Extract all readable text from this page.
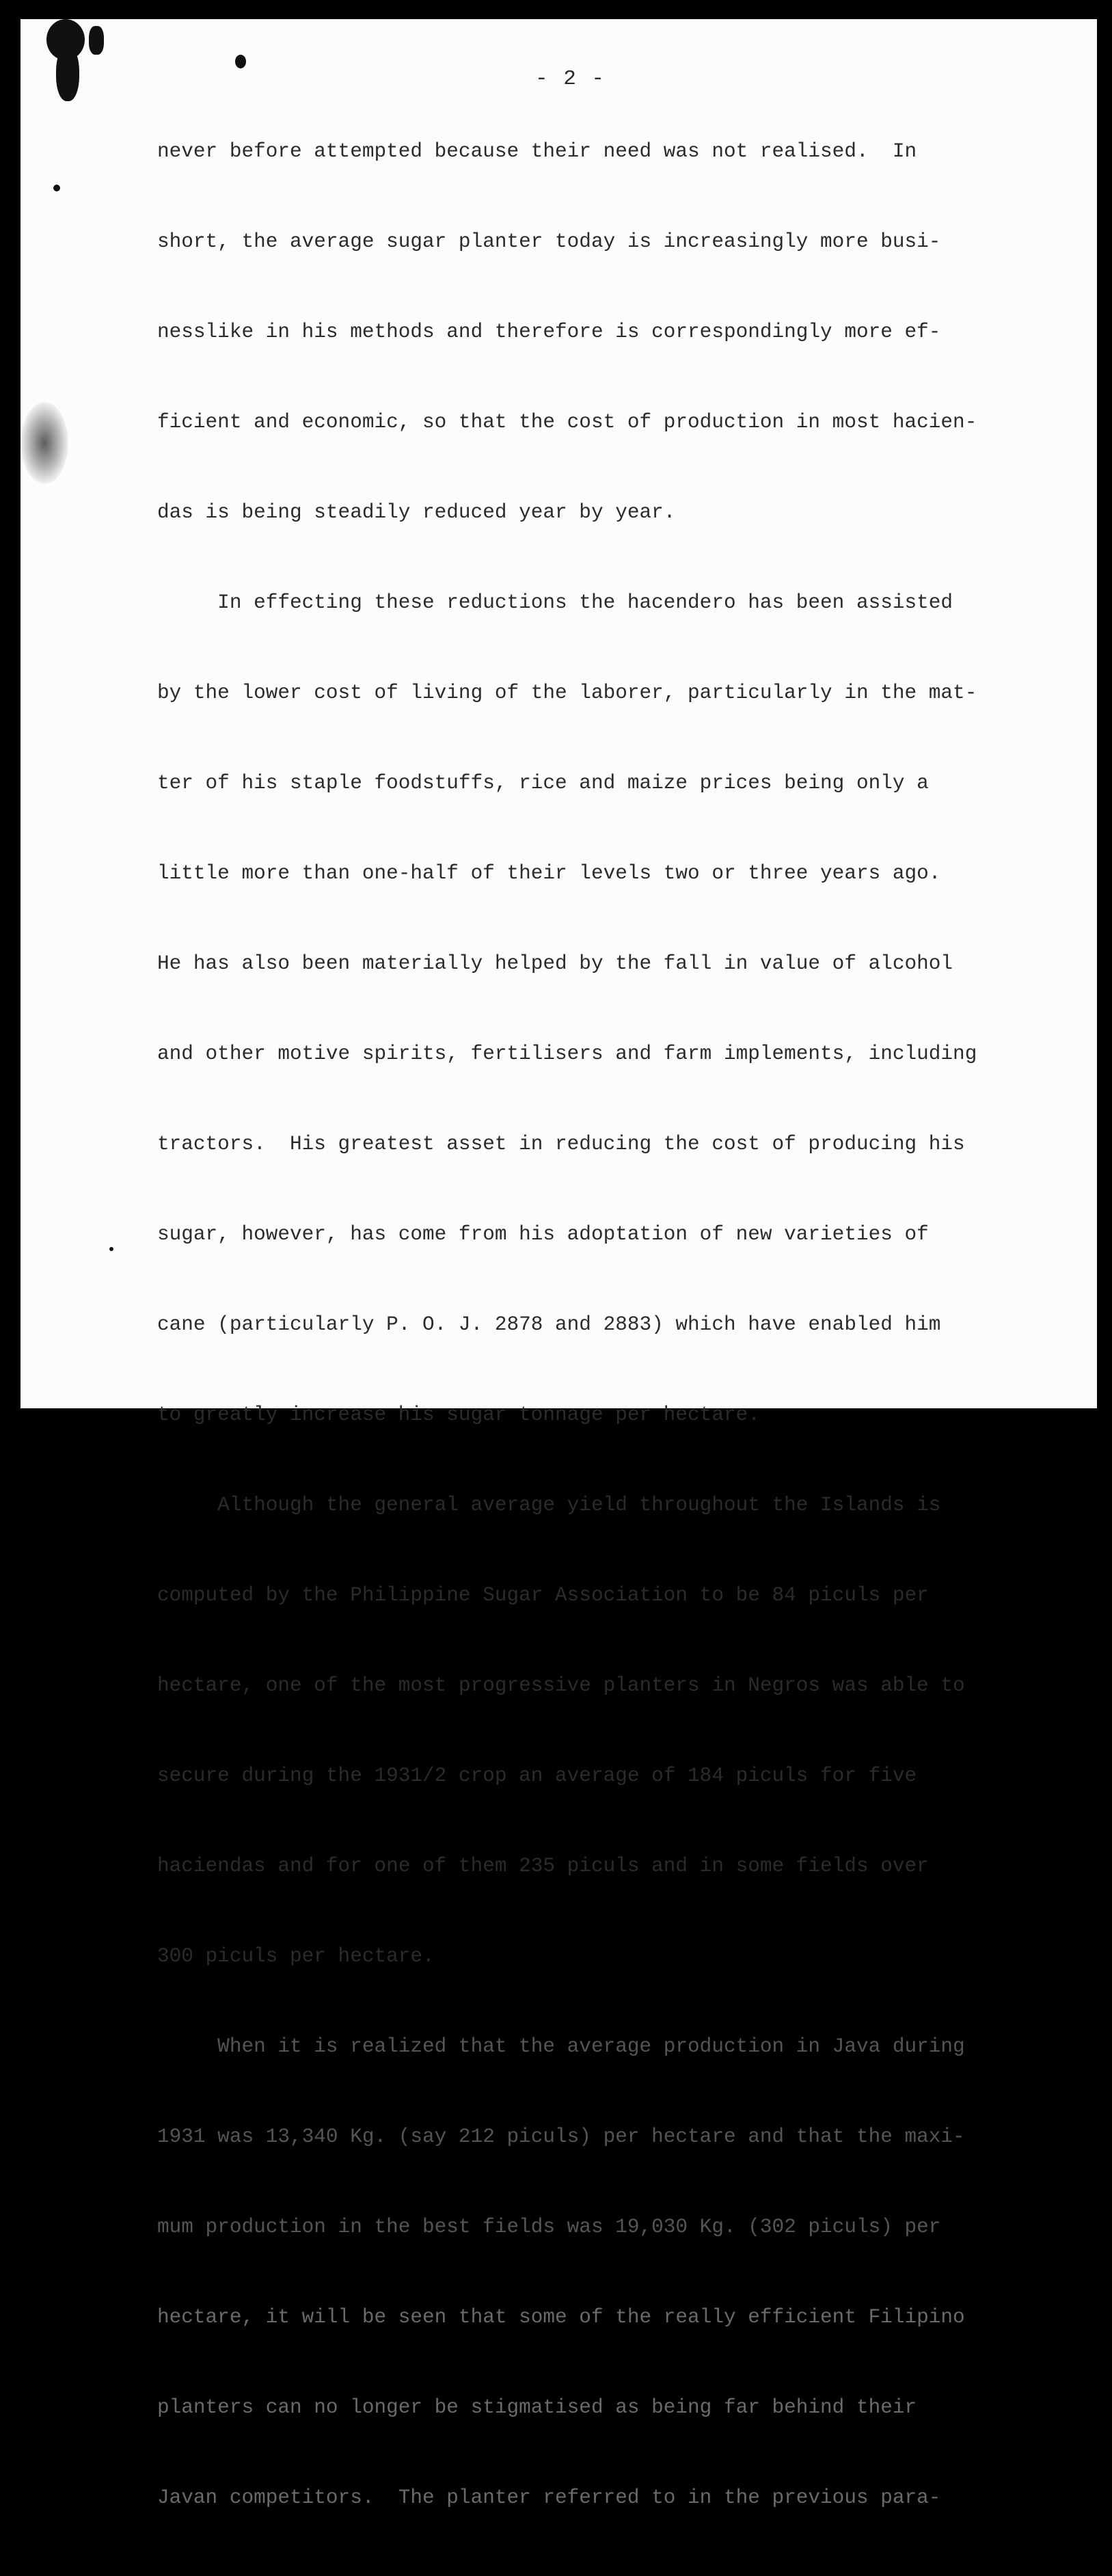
- 2 -

never before attempted because their need was not realised.  In

short, the average sugar planter today is increasingly more busi-

nesslike in his methods and therefore is correspondingly more ef-

ficient and economic, so that the cost of production in most hacien-

das is being steadily reduced year by year.

In effecting these reductions the hacendero has been assisted

by the lower cost of living of the laborer, particularly in the mat-

ter of his staple foodstuffs, rice and maize prices being only a

little more than one-half of their levels two or three years ago.

He has also been materially helped by the fall in value of alcohol

and other motive spirits, fertilisers and farm implements, including

tractors.  His greatest asset in reducing the cost of producing his

sugar, however, has come from his adoptation of new varieties of

cane (particularly P. O. J. 2878 and 2883) which have enabled him

to greatly increase his sugar tonnage per hectare.

Although the general average yield throughout the Islands is

computed by the Philippine Sugar Association to be 84 piculs per

hectare, one of the most progressive planters in Negros was able to

secure during the 1931/2 crop an average of 184 piculs for five

haciendas and for one of them 235 piculs and in some fields over

300 piculs per hectare.

When it is realized that the average production in Java during

1931 was 13,340 Kg. (say 212 piculs) per hectare and that the maxi-

mum production in the best fields was 19,030 Kg. (302 piculs) per

hectare, it will be seen that some of the really efficient Filipino

planters can no longer be stigmatised as being far behind their

Javan competitors.  The planter referred to in the previous para-
